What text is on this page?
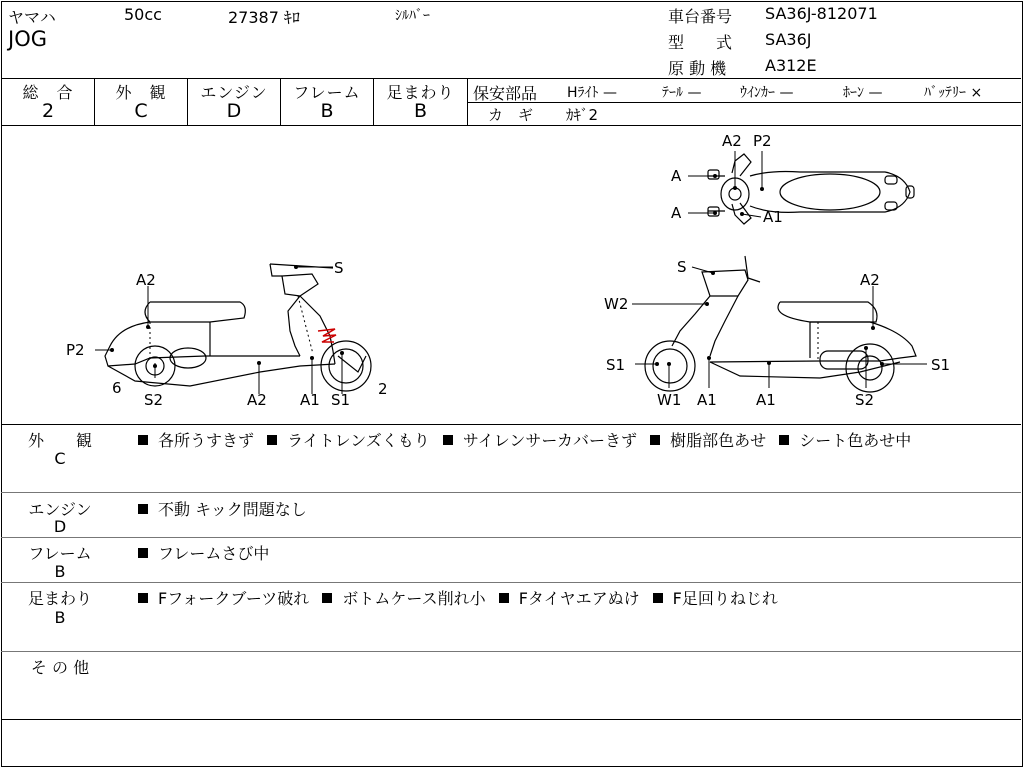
ヤマハ	50cc	27387 ｷﾛ	ｼﾙﾊﾞｰ
JOG
車台番号 SA36J-812071
型　　式 SA36J
原 動 機 A312E
総　合
2
外　観
C
エンジン
D
フレーム
B
足まわり
B
保安部品 Hﾗｲﾄ —	ﾃｰﾙ —	ｳｲﾝｶｰ —	ﾎｰﾝ —	ﾊﾞｯﾃﾘｰ ×
カ　ギ ｶｷﾞ2
A2 P2
A
A	A1
S
A2
P2
6
S2	A2 A1 S1
2
S
A2
W2
S1	S1
W1 A1	A1	S2
外　　観
C
各所うすきず ライトレンズくもり サイレンサーカバーきず 樹脂部色あせ シート色あせ中
エンジン
D
不動 キック問題なし
フレーム
B
フレームさび中
足まわり
B
Fフォークブーツ破れ ボトムケース削れ小 Fタイヤエアぬけ F足回りねじれ
そ の 他
